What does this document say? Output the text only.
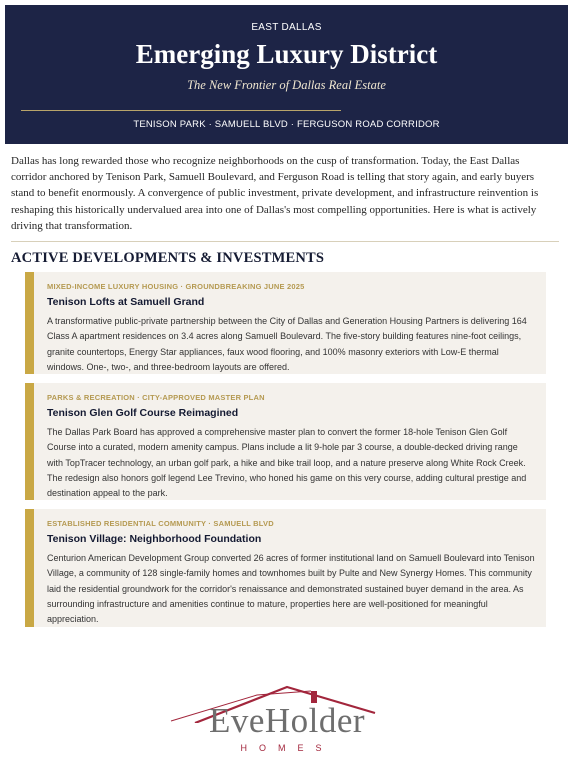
EAST DALLAS
Emerging Luxury District
The New Frontier of Dallas Real Estate
TENISON PARK · SAMUELL BLVD · FERGUSON ROAD CORRIDOR
Dallas has long rewarded those who recognize neighborhoods on the cusp of transformation. Today, the East Dallas corridor anchored by Tenison Park, Samuell Boulevard, and Ferguson Road is telling that story again, and early buyers stand to benefit enormously. A convergence of public investment, private development, and infrastructure reinvention is reshaping this historically undervalued area into one of Dallas's most compelling opportunities. Here is what is actively driving that transformation.
ACTIVE DEVELOPMENTS & INVESTMENTS
MIXED-INCOME LUXURY HOUSING · GROUNDBREAKING JUNE 2025
Tenison Lofts at Samuell Grand
A transformative public-private partnership between the City of Dallas and Generation Housing Partners is delivering 164 Class A apartment residences on 3.4 acres along Samuell Boulevard. The five-story building features nine-foot ceilings, granite countertops, Energy Star appliances, faux wood flooring, and 100% masonry exteriors with Low-E thermal windows. One-, two-, and three-bedroom layouts are offered.
PARKS & RECREATION · CITY-APPROVED MASTER PLAN
Tenison Glen Golf Course Reimagined
The Dallas Park Board has approved a comprehensive master plan to convert the former 18-hole Tenison Glen Golf Course into a curated, modern amenity campus. Plans include a lit 9-hole par 3 course, a double-decked driving range with TopTracer technology, an urban golf park, a hike and bike trail loop, and a nature preserve along White Rock Creek. The redesign also honors golf legend Lee Trevino, who honed his game on this very course, adding cultural prestige and destination appeal to the park.
ESTABLISHED RESIDENTIAL COMMUNITY · SAMUELL BLVD
Tenison Village: Neighborhood Foundation
Centurion American Development Group converted 26 acres of former institutional land on Samuell Boulevard into Tenison Village, a community of 128 single-family homes and townhomes built by Pulte and New Synergy Homes. This community laid the residential groundwork for the corridor's renaissance and demonstrated sustained buyer demand in the area. As surrounding infrastructure and amenities continue to mature, properties here are well-positioned for meaningful appreciation.
EveHolder
HOMES
